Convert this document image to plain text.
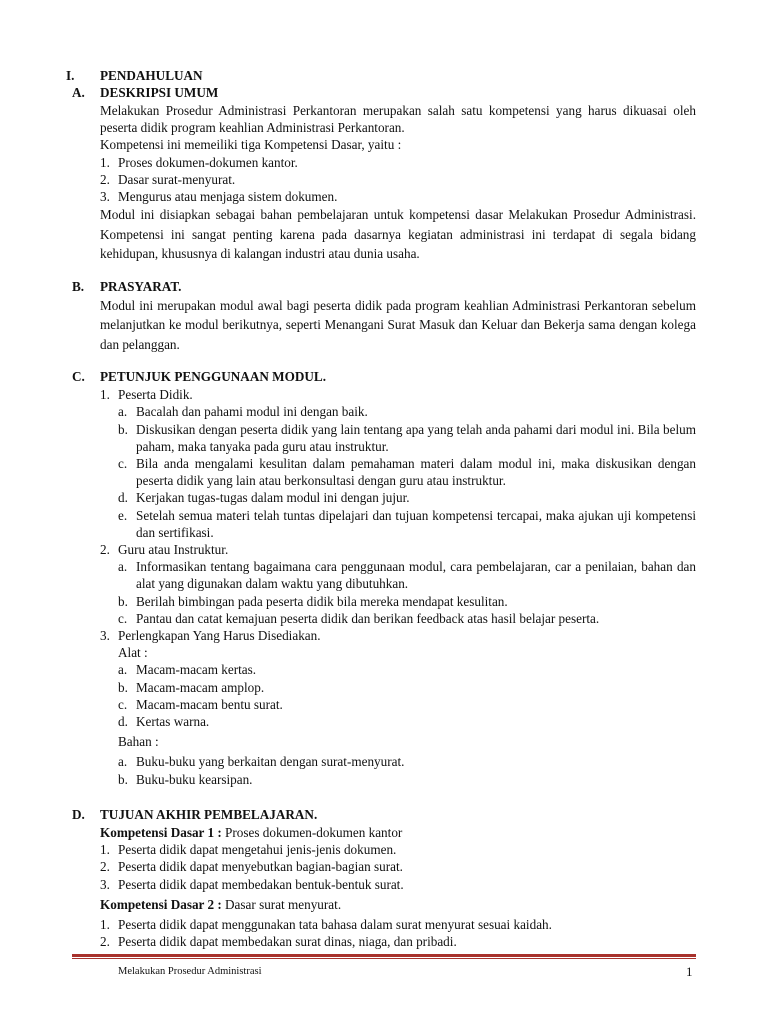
I.	PENDAHULUAN
A.	DESKRIPSI UMUM

Melakukan Prosedur Administrasi Perkantoran merupakan salah satu kompetensi yang harus dikuasai oleh peserta didik program keahlian Administrasi Perkantoran.

Kompetensi ini memeiliki tiga Kompetensi Dasar, yaitu :

1. Proses dokumen-dokumen kantor.
2. Dasar surat-menyurat.
3. Mengurus atau menjaga sistem dokumen.

Modul ini disiapkan sebagai bahan pembelajaran untuk kompetensi dasar Melakukan Prosedur Administrasi. Kompetensi ini sangat penting karena pada dasarnya kegiatan administrasi ini terdapat di segala bidang kehidupan, khususnya di kalangan industri atau dunia usaha.

B.	PRASYARAT.

Modul ini merupakan modul awal bagi peserta didik pada program keahlian Administrasi Perkantoran sebelum melanjutkan ke modul berikutnya, seperti Menangani Surat Masuk dan Keluar dan Bekerja sama dengan kolega dan pelanggan.

C.	PETUNJUK PENGGUNAAN MODUL.
1. Peserta Didik.
a. Bacalah dan pahami modul ini dengan baik.
b. Diskusikan dengan peserta didik yang lain tentang apa yang telah anda pahami dari modul ini. Bila belum paham, maka tanyaka pada guru atau instruktur.
c. Bila anda mengalami kesulitan dalam pemahaman materi dalam modul ini, maka diskusikan dengan peserta didik yang lain atau berkonsultasi dengan guru atau instruktur.
d. Kerjakan tugas-tugas dalam modul ini dengan jujur.
e. Setelah semua materi telah tuntas dipelajari dan tujuan kompetensi tercapai, maka ajukan uji kompetensi dan sertifikasi.
2. Guru atau Instruktur.
a. Informasikan tentang bagaimana cara penggunaan modul, cara pembelajaran, car a penilaian, bahan dan alat yang digunakan dalam waktu yang dibutuhkan.
b. Berilah bimbingan pada peserta didik bila mereka mendapat kesulitan.
c. Pantau dan catat kemajuan peserta didik dan berikan feedback atas hasil belajar peserta.
3. Perlengkapan Yang Harus Disediakan.
Alat :
a. Macam-macam kertas.
b. Macam-macam amplop.
c. Macam-macam bentu surat.
d. Kertas warna.
Bahan :
a. Buku-buku yang berkaitan dengan surat-menyurat.
b. Buku-buku kearsipan.
D.	TUJUAN AKHIR PEMBELAJARAN.
Kompetensi Dasar 1 : Proses dokumen-dokumen kantor
1. Peserta didik dapat mengetahui jenis-jenis dokumen.
2. Peserta didik dapat menyebutkan bagian-bagian surat.
3. Peserta didik dapat membedakan bentuk-bentuk surat.
Kompetensi Dasar 2 : Dasar surat menyurat.
1. Peserta didik dapat menggunakan tata bahasa dalam surat menyurat sesuai kaidah.
2. Peserta didik dapat membedakan surat dinas, niaga, dan pribadi.
Melakukan Prosedur Administrasi	1
